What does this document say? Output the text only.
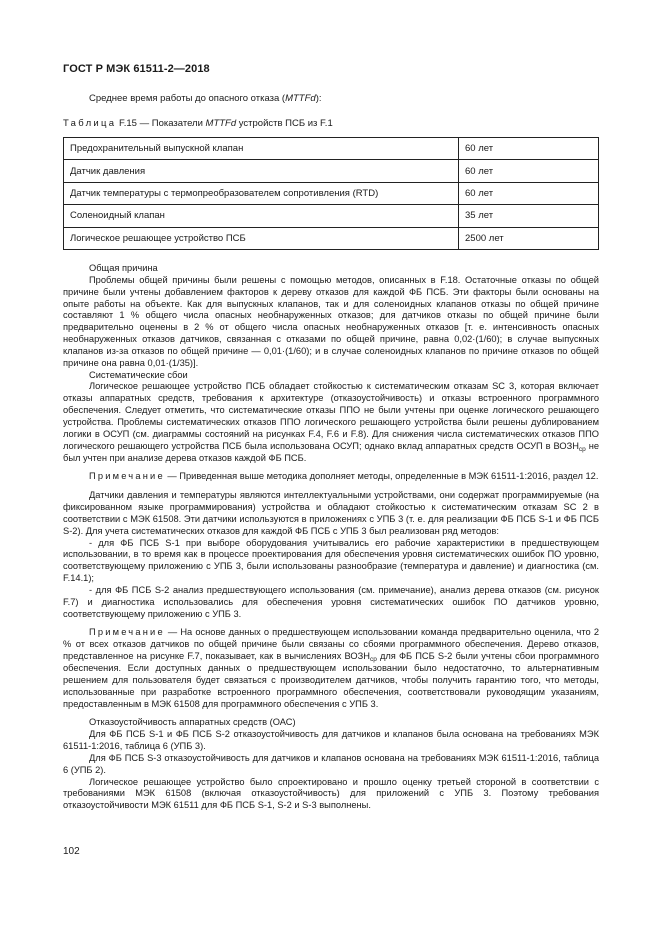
ГОСТ Р МЭК 61511-2—2018
Среднее время работы до опасного отказа (MTTFd):
Таблица F.15 — Показатели MTTFd устройств ПСБ из F.1
Предохранительный выпускной клапан	60 лет
Датчик давления	60 лет
Датчик температуры с термопреобразователем сопротивления (RTD)	60 лет
Соленоидный клапан	35 лет
Логическое решающее устройство ПСБ	2500 лет

Общая причина

Проблемы общей причины были решены с помощью методов, описанных в F.18. Остаточные отказы по общей причине были учтены добавлением факторов к дереву отказов для каждой ФБ ПСБ. Эти факторы были основаны на опыте работы на объекте. Как для выпускных клапанов, так и для соленоидных клапанов отказы по общей причине составляют 1 % общего числа опасных необнаруженных отказов; для датчиков отказы по общей причине были предварительно оценены в 2 % от общего числа опасных необнаруженных отказов [т. е. интенсивность опасных необнаруженных отказов датчиков, связанная с отказами по общей причине, равна 0,02·(1/60); в случае выпускных клапанов из-за отказов по общей причине — 0,01·(1/60); и в случае соленоидных клапанов по причине отказов по общей причине она равна 0,01·(1/35)].

Систематические сбои

Логическое решающее устройство ПСБ обладает стойкостью к систематическим отказам SC 3, которая включает отказы аппаратных средств, требования к архитектуре (отказоустойчивость) и отказы встроенного программного обеспечения. Следует отметить, что систематические отказы ППО не были учтены при оценке логического решающего устройства. Проблемы систематических отказов ППО логического решающего устройства были решены дублированием логики в ОСУП (см. диаграммы состояний на рисунках F.4, F.6 и F.8). Для снижения числа систематических отказов ППО логического решающего устройства ПСБ была использована ОСУП; однако вклад аппаратных средств ОСУП в $ВОЗН_{ср}$ не был учтен при анализе дерева отказов каждой ФБ ПСБ.

Примечание — Приведенная выше методика дополняет методы, определенные в МЭК 61511-1:2016, раздел 12.

Датчики давления и температуры являются интеллектуальными устройствами, они содержат программируемые (на фиксированном языке программирования) устройства и обладают стойкостью к систематическим отказам SC 2 в соответствии с МЭК 61508. Эти датчики используются в приложениях с УПБ 3 (т. е. для реализации ФБ ПСБ S-1 и ФБ ПСБ S-2). Для учета систематических отказов для каждой ФБ ПСБ с УПБ 3 был реализован ряд методов:

- для ФБ ПСБ S-1 при выборе оборудования учитывались его рабочие характеристики в предшествующем использовании, в то время как в процессе проектирования для обеспечения уровня систематических ошибок ПО уровню, соответствующему приложению с УПБ 3, были использованы разнообразие (температура и давление) и диагностика (см. F.14.1);

- для ФБ ПСБ S-2 анализ предшествующего использования (см. примечание), анализ дерева отказов (см. рисунок F.7) и диагностика использовались для обеспечения уровня систематических ошибок ПО датчиков уровню, соответствующему приложению с УПБ 3.

Примечание — На основе данных о предшествующем использовании команда предварительно оценила, что 2 % от всех отказов датчиков по общей причине были связаны со сбоями программного обеспечения. Дерево отказов, представленное на рисунке F.7, показывает, как в вычислениях $ВОЗН_{ср}$ для ФБ ПСБ S-2 были учтены сбои программного обеспечения. Если доступных данных о предшествующем использовании было недостаточно, то альтернативным решением для пользователя будет связаться с производителем датчиков, чтобы получить гарантию того, что методы, использованные при разработке встроенного программного обеспечения, соответствовали руководящим указаниям, предоставленным в МЭК 61508 для программного обеспечения с УПБ 3.

Отказоустойчивость аппаратных средств (ОАС)

Для ФБ ПСБ S-1 и ФБ ПСБ S-2 отказоустойчивость для датчиков и клапанов была основана на требованиях МЭК 61511-1:2016, таблица 6 (УПБ 3).

Для ФБ ПСБ S-3 отказоустойчивость для датчиков и клапанов основана на требованиях МЭК 61511-1:2016, таблица 6 (УПБ 2).

Логическое решающее устройство было спроектировано и прошло оценку третьей стороной в соответствии с требованиями МЭК 61508 (включая отказоустойчивость) для приложений с УПБ 3. Поэтому требования отказоустойчивости МЭК 61511 для ФБ ПСБ S-1, S-2 и S-3 выполнены.

102
